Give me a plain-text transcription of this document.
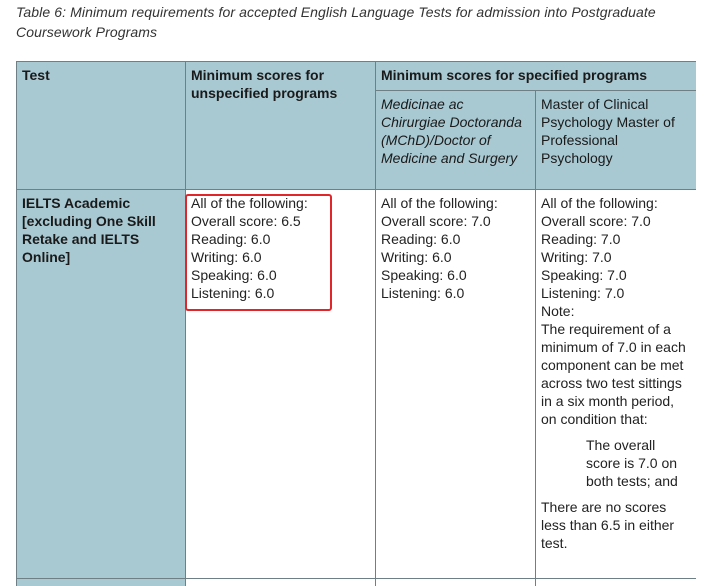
Table 6: Minimum requirements for accepted English Language Tests for admission into Postgraduate Coursework Programs
Test	Minimum scores for unspecified programs
Minimum scores for specified programs
Medicinae ac Chirurgiae Doctoranda (MChD)/Doctor of Medicine and Surgery
Master of Clinical Psychology Master of Professional Psychology
IELTS Academic [excluding One Skill Retake and IELTS Online]
All of the following:
Overall score: 6.5
Reading: 6.0
Writing: 6.0
Speaking: 6.0
Listening: 6.0
All of the following:
Overall score: 7.0
Reading: 6.0
Writing: 6.0
Speaking: 6.0
Listening: 6.0
All of the following:
Overall score: 7.0
Reading: 7.0
Writing: 7.0
Speaking: 7.0
Listening: 7.0
Note:
The requirement of a minimum of 7.0 in each component can be met across two test sittings in a six month period, on condition that:
The overall score is 7.0 on both tests; and
There are no scores less than 6.5 in either test.
